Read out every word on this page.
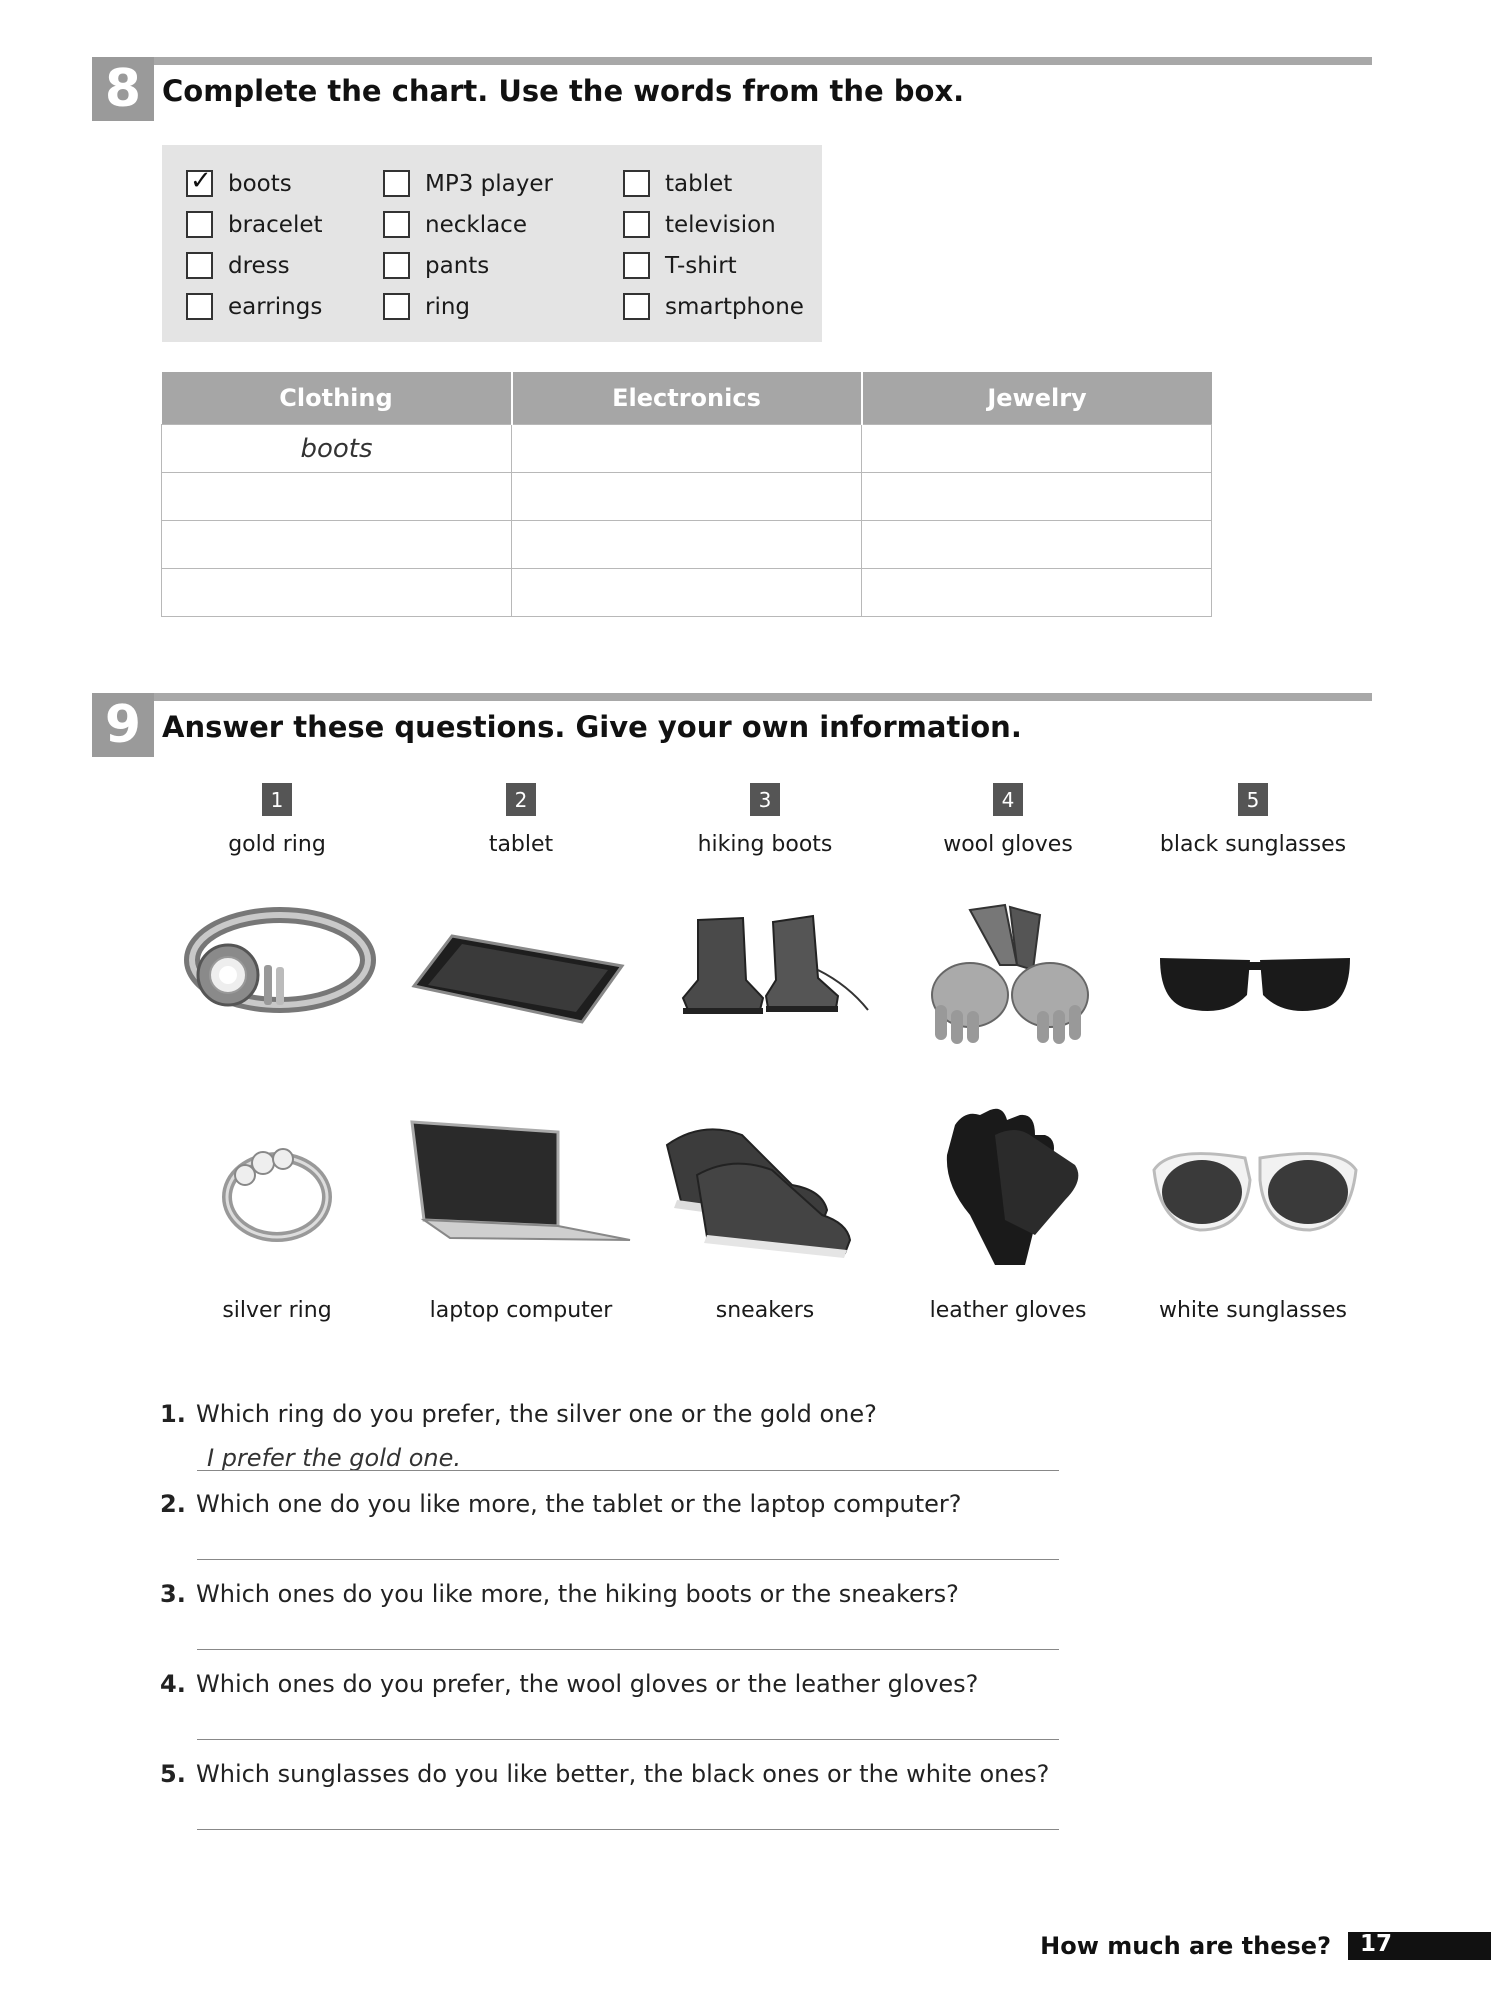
8 Complete the chart. Use the words from the box.
✓ boots
bracelet
dress
earrings
MP3 player
necklace
pants
ring
tablet
television
T-shirt
smartphone
Clothing	Electronics	Jewelry
boots		

9 Answer these questions. Give your own information.
1	2	3	4	5
gold ring	tablet	hiking boots	wool gloves	black sunglasses
silver ring	laptop computer	sneakers	leather gloves	white sunglasses
1. Which ring do you prefer, the silver one or the gold one?
I prefer the gold one.
2. Which one do you like more, the tablet or the laptop computer?
3. Which ones do you like more, the hiking boots or the sneakers?
4. Which ones do you prefer, the wool gloves or the leather gloves?
5. Which sunglasses do you like better, the black ones or the white ones?
How much are these? 17
